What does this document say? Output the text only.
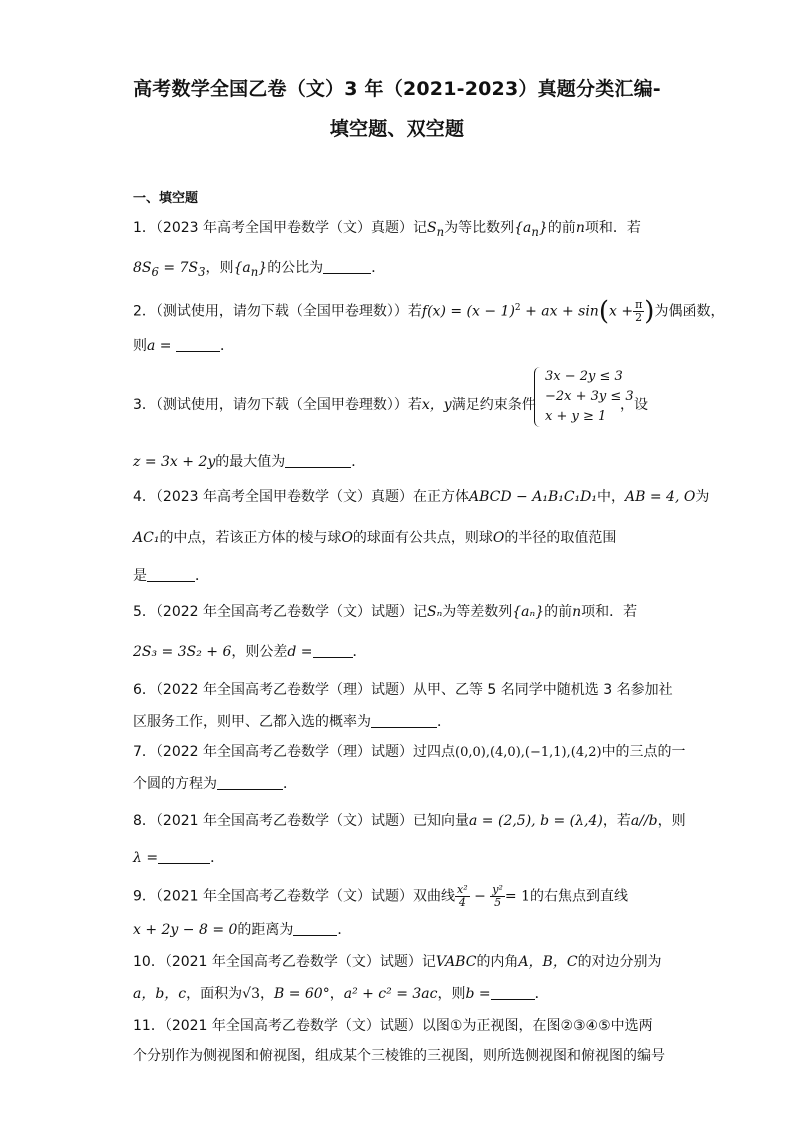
高考数学全国乙卷（文）3 年（2021-2023）真题分类汇编-
填空题、双空题
一、填空题
1．（2023 年高考全国甲卷数学（文）真题）记$S_n$为等比数列$\{a_n\}$的前n项和．若
$8S_6 = 7S_3$，则$\{a_n\}$的公比为	．
2．（测试使用，请勿下载（全国甲卷理数））若$f(x) = (x - 1)^2$ + ax + $\sin(x + \frac{\pi}{2}$ )为偶函数，
则a =	．
3．（测试使用，请勿下载（全国甲卷理数））若x，y满足约束条件
3x − 2y ≤ 3
−2x + 3y ≤ 3
x + y ≥ 1
，设
z = 3x + 2y的最大值为	．
4．（2023 年高考全国甲卷数学（文）真题）在正方体ABCD − A₁B₁C₁D₁中，AB = 4, O为
AC₁的中点，若该正方体的棱与球O的球面有公共点，则球O的半径的取值范围
是	．
5．（2022 年全国高考乙卷数学（文）试题）记Sₙ为等差数列{aₙ}的前n项和．若
2S₃ = 3S₂ + 6，则公差d =	．
6．（2022 年全国高考乙卷数学（理）试题）从甲、乙等 5 名同学中随机选 3 名参加社
区服务工作，则甲、乙都入选的概率为	．
7．（2022 年全国高考乙卷数学（理）试题）过四点(0,0),(4,0),(−1,1),(4,2)中的三点的一
个圆的方程为	．
8．（2021 年全国高考乙卷数学（文）试题）已知向量a = (2,5), b = (λ,4)，若a//b，则
λ =	．
9．（2021 年全国高考乙卷数学（文）试题）双曲线 $\frac{\text{x²}}{4} - \frac{\text{y²}}{5} = 1$的右焦点到直线
x + 2y − 8 = 0的距离为	．
10．（2021 年全国高考乙卷数学（文）试题）记VABC的内角A，B，C的对边分别为
a，b，c，面积为√3，B = 60°，a² + c² = 3ac，则b =	．
11．（2021 年全国高考乙卷数学（文）试题）以图①为正视图，在图②③④⑤中选两
个分别作为侧视图和俯视图，组成某个三棱锥的三视图，则所选侧视图和俯视图的编号
